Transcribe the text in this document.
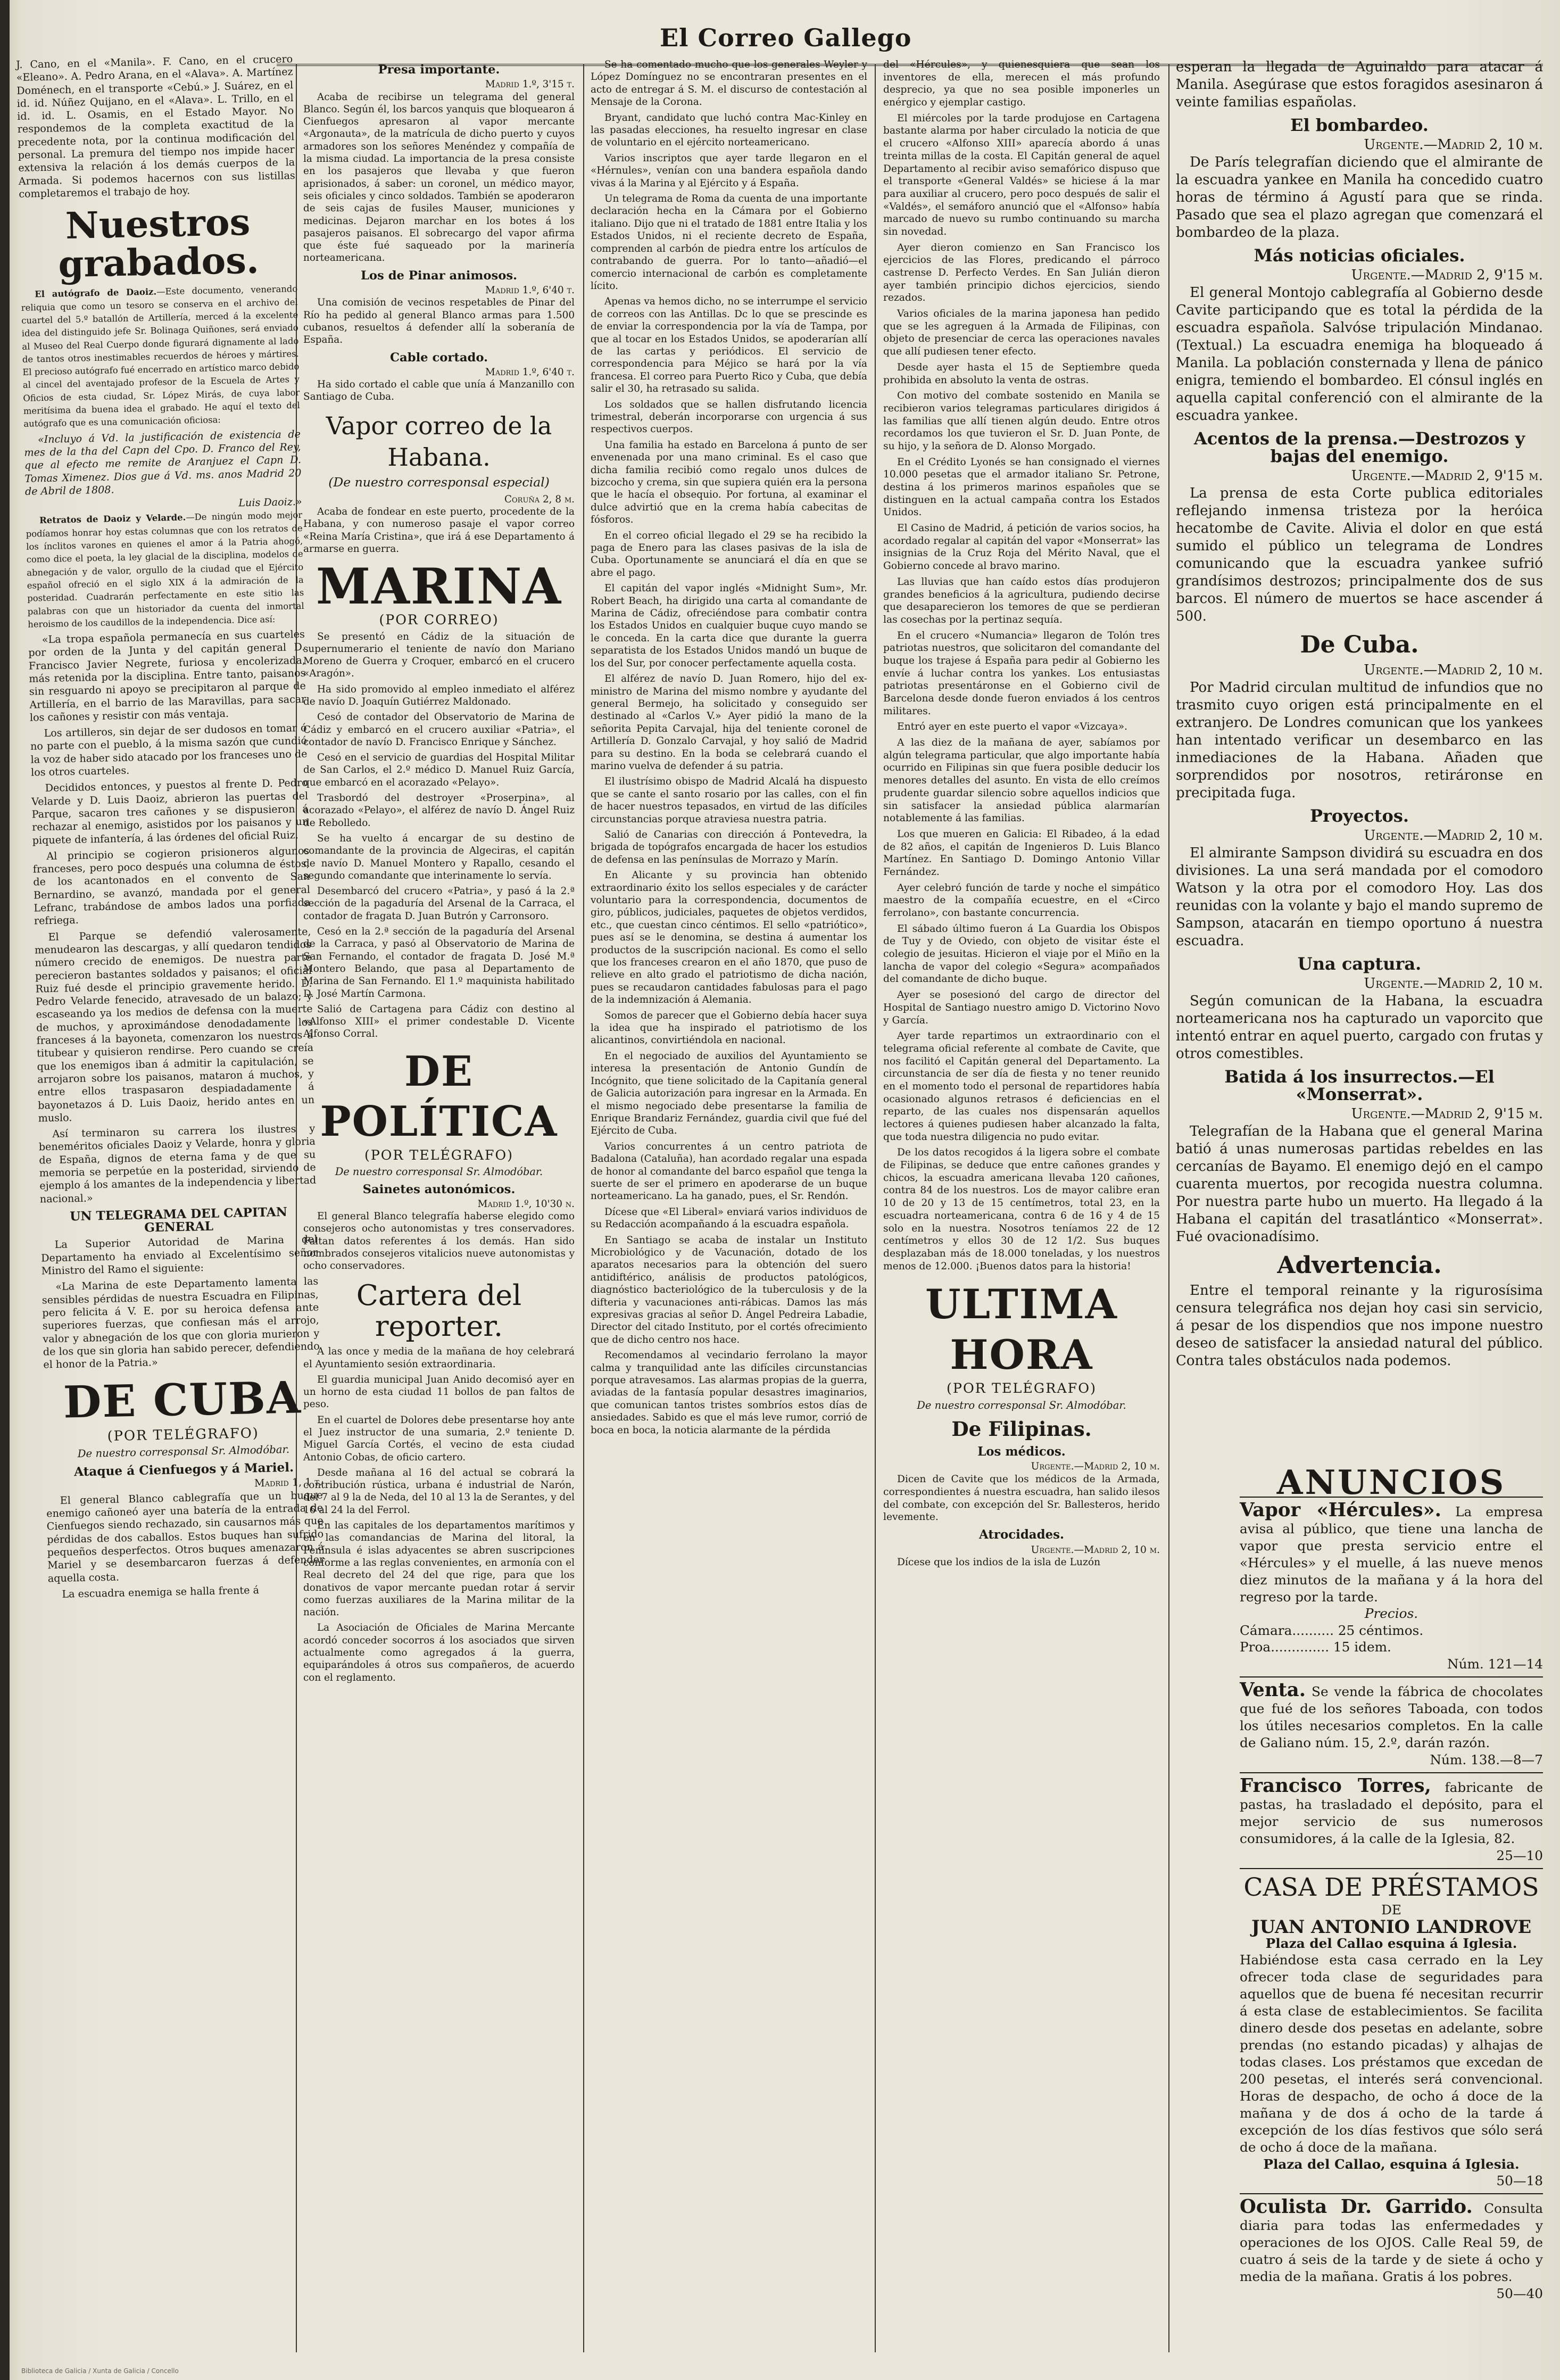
El Correo Gallego

J. Cano, en el «Manila». F. Cano, en el crucero «Eleano». A. Pedro Arana, en el «Alava». A. Martínez Doménech, en el transporte «Cebú.» J. Suárez, en el id. id. Núñez Quijano, en el «Alava». L. Trillo, en el id. id. L. Osamis, en el Estado Mayor. No respondemos de la completa exactitud de la precedente nota, por la continua modificación del personal. La premura del tiempo nos impide hacer extensiva la relación á los demás cuerpos de la Armada. Si podemos hacernos con sus listillas completaremos el trabajo de hoy.

Nuestros grabados.

El autógrafo de Daoiz.—Este documento, venerando reliquia que como un tesoro se conserva en el archivo del cuartel del 5.º batallón de Artillería, merced á la excelente idea del distinguido jefe Sr. Bolinaga Quiñones, será enviado al Museo del Real Cuerpo donde figurará dignamente al lado de tantos otros inestimables recuerdos de héroes y mártires. El precioso autógrafo fué encerrado en artístico marco debido al cincel del aventajado profesor de la Escuela de Artes y Oficios de esta ciudad, Sr. López Mirás, de cuya labor meritísima da buena idea el grabado. He aquí el texto del autógrafo que es una comunicación oficiosa:

«Incluyo á Vd. la justificación de existencia de mes de la tha del Capn del Cpo. D. Franco del Rey, que al efecto me remite de Aranjuez el Capn D. Tomas Ximenez. Dios gue á Vd. ms. anos Madrid 20 de Abril de 1808.

Luis Daoiz.»

Retratos de Daoiz y Velarde.—De ningún modo mejor podíamos honrar hoy estas columnas que con los retratos de los ínclitos varones en quienes el amor á la Patria ahogó, como dice el poeta, la ley glacial de la disciplina, modelos de abnegación y de valor, orgullo de la ciudad que el Ejército español ofreció en el siglo XIX á la admiración de la posteridad. Cuadrarán perfectamente en este sitio las palabras con que un historiador da cuenta del inmortal heroismo de los caudillos de la independencia. Dice así:

«La tropa española permanecía en sus cuarteles por orden de la Junta y del capitán general D. Francisco Javier Negrete, furiosa y encolerizada, más retenida por la disciplina. Entre tanto, paisanos sin resguardo ni apoyo se precipitaron al parque de Artillería, en el barrio de las Maravillas, para sacar los cañones y resistir con más ventaja.

Los artilleros, sin dejar de ser dudosos en tomar ó no parte con el pueblo, á la misma sazón que cundió la voz de haber sido atacado por los franceses uno de los otros cuarteles.

Decididos entonces, y puestos al frente D. Pedro Velarde y D. Luis Daoiz, abrieron las puertas del Parque, sacaron tres cañones y se dispusieron á rechazar al enemigo, asistidos por los paisanos y un piquete de infantería, á las órdenes del oficial Ruiz.

Al principio se cogieron prisioneros algunos franceses, pero poco después una columna de éstos, de los acantonados en el convento de San Bernardino, se avanzó, mandada por el general Lefranc, trabándose de ambos lados una porfiada refriega.

El Parque se defendió valerosamente, menudearon las descargas, y allí quedaron tendidos número crecido de enemigos. De nuestra parte perecieron bastantes soldados y paisanos; el oficial Ruiz fué desde el principio gravemente herido. D. Pedro Velarde fenecido, atravesado de un balazo; y escaseando ya los medios de defensa con la muerte de muchos, y aproximándose denodadamente los franceses á la bayoneta, comenzaron los nuestros á titubear y quisieron rendirse. Pero cuando se creía que los enemigos iban á admitir la capitulación, se arrojaron sobre los paisanos, mataron á muchos, y entre ellos traspasaron despiadadamente á bayonetazos á D. Luis Daoiz, herido antes en un muslo.

Así terminaron su carrera los ilustres y beneméritos oficiales Daoiz y Velarde, honra y gloria de España, dignos de eterna fama y de que su memoria se perpetúe en la posteridad, sirviendo de ejemplo á los amantes de la independencia y libertad nacional.»

UN TELEGRAMA DEL CAPITAN GENERAL

La Superior Autoridad de Marina del Departamento ha enviado al Excelentísimo señor Ministro del Ramo el siguiente:

«La Marina de este Departamento lamenta las sensibles pérdidas de nuestra Escuadra en Filipinas, pero felicita á V. E. por su heroica defensa ante superiores fuerzas, que confiesan más el arrojo, valor y abnegación de los que con gloria murieron y de los que sin gloria han sabido perecer, defendiendo el honor de la Patria.»

DE CUBA
(POR TELÉGRAFO)
De nuestro corresponsal Sr. Almodóbar.
Ataque á Cienfuegos y á Mariel.
Madrid 1, 1 t.

El general Blanco cablegrafía que un buque enemigo cañoneó ayer una batería de la entrada de Cienfuegos siendo rechazado, sin causarnos más que pérdidas de dos caballos. Estos buques han sufrido pequeños desperfectos. Otros buques amenazaron á Mariel y se desembarcaron fuerzas á defender aquella costa.

La escuadra enemiga se halla frente á

Presa importante.
Madrid 1.º, 3'15 t.

Acaba de recibirse un telegrama del general Blanco. Según él, los barcos yanquis que bloquearon á Cienfuegos apresaron al vapor mercante «Argonauta», de la matrícula de dicho puerto y cuyos armadores son los señores Menéndez y compañía de la misma ciudad. La importancia de la presa consiste en los pasajeros que llevaba y que fueron aprisionados, á saber: un coronel, un médico mayor, seis oficiales y cinco soldados. También se apoderaron de seis cajas de fusiles Mauser, municiones y medicinas. Dejaron marchar en los botes á los pasajeros paisanos. El sobrecargo del vapor afirma que éste fué saqueado por la marinería norteamericana.

Los de Pinar animosos.
Madrid 1.º, 6'40 t.

Una comisión de vecinos respetables de Pinar del Río ha pedido al general Blanco armas para 1.500 cubanos, resueltos á defender allí la soberanía de España.

Cable cortado.
Madrid 1.º, 6'40 t.

Ha sido cortado el cable que unía á Manzanillo con Santiago de Cuba.

Vapor correo de la Habana.
(De nuestro corresponsal especial)
Coruña 2, 8 m.

Acaba de fondear en este puerto, procedente de la Habana, y con numeroso pasaje el vapor correo «Reina María Cristina», que irá á ese Departamento á armarse en guerra.

MARINA
(POR CORREO)

Se presentó en Cádiz de la situación de supernumerario el teniente de navío don Mariano Moreno de Guerra y Croquer, embarcó en el crucero «Aragón».

Ha sido promovido al empleo inmediato el alférez de navío D. Joaquín Gutiérrez Maldonado.

Cesó de contador del Observatorio de Marina de Cádiz y embarcó en el crucero auxiliar «Patria», el contador de navío D. Francisco Enrique y Sánchez.

Cesó en el servicio de guardias del Hospital Militar de San Carlos, el 2.º médico D. Manuel Ruiz García, que embarcó en el acorazado «Pelayo».

Trasbordó del destroyer «Proserpina», al acorazado «Pelayo», el alférez de navío D. Ángel Ruiz de Rebolledo.

Se ha vuelto á encargar de su destino de comandante de la provincia de Algeciras, el capitán de navío D. Manuel Montero y Rapallo, cesando el segundo comandante que interinamente lo servía.

Desembarcó del crucero «Patria», y pasó á la 2.ª sección de la pagaduría del Arsenal de la Carraca, el contador de fragata D. Juan Butrón y Carronsoro.

Cesó en la 2.ª sección de la pagaduría del Arsenal de la Carraca, y pasó al Observatorio de Marina de San Fernando, el contador de fragata D. José M.ª Montero Belando, que pasa al Departamento de Marina de San Fernando. El 1.º maquinista habilitado D. José Martín Carmona.

Salió de Cartagena para Cádiz con destino al «Alfonso XIII» el primer condestable D. Vicente Alfonso Corral.

DE POLÍTICA
(POR TELÉGRAFO)
De nuestro corresponsal Sr. Almodóbar.
Sainetes autonómicos.
Madrid 1.º, 10'30 n.

El general Blanco telegrafía haberse elegido como consejeros ocho autonomistas y tres conservadores. Faltan datos referentes á los demás. Han sido nombrados consejeros vitalicios nueve autonomistas y ocho conservadores.

Cartera del reporter.

A las once y media de la mañana de hoy celebrará el Ayuntamiento sesión extraordinaria.

El guardia municipal Juan Anido decomisó ayer en un horno de esta ciudad 11 bollos de pan faltos de peso.

En el cuartel de Dolores debe presentarse hoy ante el Juez instructor de una sumaria, 2.º teniente D. Miguel García Cortés, el vecino de esta ciudad Antonio Cobas, de oficio cartero.

Desde mañana al 16 del actual se cobrará la contribución rústica, urbana é industrial de Narón, del 7 al 9 la de Neda, del 10 al 13 la de Serantes, y del 16 al 24 la del Ferrol.

En las capitales de los departamentos marítimos y en las comandancias de Marina del litoral, la Península é islas adyacentes se abren suscripciones conforme a las reglas convenientes, en armonía con el Real decreto del 24 del que rige, para que los donativos de vapor mercante puedan rotar á servir como fuerzas auxiliares de la Marina militar de la nación.

La Asociación de Oficiales de Marina Mercante acordó conceder socorros á los asociados que sirven actualmente como agregados á la guerra, equiparándoles á otros sus compañeros, de acuerdo con el reglamento.

Se ha comentado mucho que los generales Weyler y López Domínguez no se encontraran presentes en el acto de entregar á S. M. el discurso de contestación al Mensaje de la Corona.

Bryant, candidato que luchó contra Mac-Kinley en las pasadas elecciones, ha resuelto ingresar en clase de voluntario en el ejército norteamericano.

Varios inscriptos que ayer tarde llegaron en el «Hérnules», venían con una bandera española dando vivas á la Marina y al Ejército y á España.

Un telegrama de Roma da cuenta de una importante declaración hecha en la Cámara por el Gobierno italiano. Dijo que ni el tratado de 1881 entre Italia y los Estados Unidos, ni el reciente decreto de España, comprenden al carbón de piedra entre los artículos de contrabando de guerra. Por lo tanto—añadió—el comercio internacional de carbón es completamente lícito.

Apenas va hemos dicho, no se interrumpe el servicio de correos con las Antillas. Dc lo que se prescinde es de enviar la correspondencia por la vía de Tampa, por que al tocar en los Estados Unidos, se apoderarían allí de las cartas y periódicos. El servicio de correspondencia para Méjico se hará por la vía francesa. El correo para Puerto Rico y Cuba, que debía salir el 30, ha retrasado su salida.

Los soldados que se hallen disfrutando licencia trimestral, deberán incorporarse con urgencia á sus respectivos cuerpos.

Una familia ha estado en Barcelona á punto de ser envenenada por una mano criminal. Es el caso que dicha familia recibió como regalo unos dulces de bizcocho y crema, sin que supiera quién era la persona que le hacía el obsequio. Por fortuna, al examinar el dulce advirtió que en la crema había cabecitas de fósforos.

En el correo oficial llegado el 29 se ha recibido la paga de Enero para las clases pasivas de la isla de Cuba. Oportunamente se anunciará el día en que se abre el pago.

El capitán del vapor inglés «Midnight Sum», Mr. Robert Beach, ha dirigido una carta al comandante de Marina de Cádiz, ofreciéndose para combatir contra los Estados Unidos en cualquier buque cuyo mando se le conceda. En la carta dice que durante la guerra separatista de los Estados Unidos mandó un buque de los del Sur, por conocer perfectamente aquella costa.

El alférez de navío D. Juan Romero, hijo del ex-ministro de Marina del mismo nombre y ayudante del general Bermejo, ha solicitado y conseguido ser destinado al «Carlos V.» Ayer pidió la mano de la señorita Pepita Carvajal, hija del teniente coronel de Artillería D. Gonzalo Carvajal, y hoy salió de Madrid para su destino. En la boda se celebrará cuando el marino vuelva de defender á su patria.

El ilustrísimo obispo de Madrid Alcalá ha dispuesto que se cante el santo rosario por las calles, con el fin de hacer nuestros tepasados, en virtud de las difíciles circunstancias porque atraviesa nuestra patria.

Salió de Canarias con dirección á Pontevedra, la brigada de topógrafos encargada de hacer los estudios de defensa en las penínsulas de Morrazo y Marín.

En Alicante y su provincia han obtenido extraordinario éxito los sellos especiales y de carácter voluntario para la correspondencia, documentos de giro, públicos, judiciales, paquetes de objetos verdidos, etc., que cuestan cinco céntimos. El sello «patriótico», pues así se le denomina, se destina á aumentar los productos de la suscripción nacional. Es como el sello que los franceses crearon en el año 1870, que puso de relieve en alto grado el patriotismo de dicha nación, pues se recaudaron cantidades fabulosas para el pago de la indemnización á Alemania.

Somos de parecer que el Gobierno debía hacer suya la idea que ha inspirado el patriotismo de los alicantinos, convirtiéndola en nacional.

En el negociado de auxilios del Ayuntamiento se interesa la presentación de Antonio Gundín de Incógnito, que tiene solicitado de la Capitanía general de Galicia autorización para ingresar en la Armada. En el mismo negociado debe presentarse la familia de Enrique Brandariz Fernández, guardia civil que fué del Ejército de Cuba.

Varios concurrentes á un centro patriota de Badalona (Cataluña), han acordado regalar una espada de honor al comandante del barco español que tenga la suerte de ser el primero en apoderarse de un buque norteamericano. La ha ganado, pues, el Sr. Rendón.

Dícese que «El Liberal» enviará varios individuos de su Redacción acompañando á la escuadra española.

En Santiago se acaba de instalar un Instituto Microbiológico y de Vacunación, dotado de los aparatos necesarios para la obtención del suero antidiftérico, análisis de productos patológicos, diagnóstico bacteriológico de la tuberculosis y de la difteria y vacunaciones anti-rábicas. Damos las más expresivas gracias al señor D. Ángel Pedreira Labadie, Director del citado Instituto, por el cortés ofrecimiento que de dicho centro nos hace.

Recomendamos al vecindario ferrolano la mayor calma y tranquilidad ante las difíciles circunstancias porque atravesamos. Las alarmas propias de la guerra, aviadas de la fantasía popular desastres imaginarios, que comunican tantos tristes sombríos estos días de ansiedades. Sabido es que el más leve rumor, corrió de boca en boca, la noticia alarmante de la pérdida

del «Hércules», y quienesquiera que sean los inventores de ella, merecen el más profundo desprecio, ya que no sea posible imponerles un enérgico y ejemplar castigo.

El miércoles por la tarde produjose en Cartagena bastante alarma por haber circulado la noticia de que el crucero «Alfonso XIII» aparecía abordo á unas treinta millas de la costa. El Capitán general de aquel Departamento al recibir aviso semafórico dispuso que el transporte «General Valdés» se hiciese á la mar para auxiliar al crucero, pero poco después de salir el «Valdés», el semáforo anunció que el «Alfonso» había marcado de nuevo su rumbo continuando su marcha sin novedad.

Ayer dieron comienzo en San Francisco los ejercicios de las Flores, predicando el párroco castrense D. Perfecto Verdes. En San Julián dieron ayer también principio dichos ejercicios, siendo rezados.

Varios oficiales de la marina japonesa han pedido que se les agreguen á la Armada de Filipinas, con objeto de presenciar de cerca las operaciones navales que allí pudiesen tener efecto.

Desde ayer hasta el 15 de Septiembre queda prohibida en absoluto la venta de ostras.

Con motivo del combate sostenido en Manila se recibieron varios telegramas particulares dirigidos á las familias que allí tienen algún deudo. Entre otros recordamos los que tuvieron el Sr. D. Juan Ponte, de su hijo, y la señora de D. Alonso Morgado.

En el Crédito Lyonés se han consignado el viernes 10.000 pesetas que el armador italiano Sr. Petrone, destina á los primeros marinos españoles que se distinguen en la actual campaña contra los Estados Unidos.

El Casino de Madrid, á petición de varios socios, ha acordado regalar al capitán del vapor «Monserrat» las insignias de la Cruz Roja del Mérito Naval, que el Gobierno concede al bravo marino.

Las lluvias que han caído estos días produjeron grandes beneficios á la agricultura, pudiendo decirse que desaparecieron los temores de que se perdieran las cosechas por la pertinaz sequía.

En el crucero «Numancia» llegaron de Tolón tres patriotas nuestros, que solicitaron del comandante del buque los trajese á España para pedir al Gobierno les envíe á luchar contra los yankes. Los entusiastas patriotas presentáronse en el Gobierno civil de Barcelona desde donde fueron enviados á los centros militares.

Entró ayer en este puerto el vapor «Vizcaya».

A las diez de la mañana de ayer, sabíamos por algún telegrama particular, que algo importante había ocurrido en Filipinas sin que fuera posible deducir los menores detalles del asunto. En vista de ello creímos prudente guardar silencio sobre aquellos indicios que sin satisfacer la ansiedad pública alarmarían notablemente á las familias.

Los que mueren en Galicia: El Ribadeo, á la edad de 82 años, el capitán de Ingenieros D. Luis Blanco Martínez. En Santiago D. Domingo Antonio Villar Fernández.

Ayer celebró función de tarde y noche el simpático maestro de la compañía ecuestre, en el «Circo ferrolano», con bastante concurrencia.

El sábado último fueron á La Guardia los Obispos de Tuy y de Oviedo, con objeto de visitar éste el colegio de jesuitas. Hicieron el viaje por el Miño en la lancha de vapor del colegio «Segura» acompañados del comandante de dicho buque.

Ayer se posesionó del cargo de director del Hospital de Santiago nuestro amigo D. Victorino Novo y García.

Ayer tarde repartimos un extraordinario con el telegrama oficial referente al combate de Cavite, que nos facilitó el Capitán general del Departamento. La circunstancia de ser día de fiesta y no tener reunido en el momento todo el personal de repartidores había ocasionado algunos retrasos é deficiencias en el reparto, de las cuales nos dispensarán aquellos lectores á quienes pudiesen haber alcanzado la falta, que toda nuestra diligencia no pudo evitar.

De los datos recogidos á la ligera sobre el combate de Filipinas, se deduce que entre cañones grandes y chicos, la escuadra americana llevaba 120 cañones, contra 84 de los nuestros. Los de mayor calibre eran 10 de 20 y 13 de 15 centímetros, total 23, en la escuadra norteamericana, contra 6 de 16 y 4 de 15 solo en la nuestra. Nosotros teníamos 22 de 12 centímetros y ellos 30 de 12 1/2. Sus buques desplazaban más de 18.000 toneladas, y los nuestros menos de 12.000. ¡Buenos datos para la historia!

ULTIMA HORA
(POR TELÉGRAFO)
De nuestro corresponsal Sr. Almodóbar.
De Filipinas.
Los médicos.
Urgente.—Madrid 2, 10 m.

Dicen de Cavite que los médicos de la Armada, correspondientes á nuestra escuadra, han salido ilesos del combate, con excepción del Sr. Ballesteros, herido levemente.

Atrocidades.
Urgente.—Madrid 2, 10 m.

Dícese que los indios de la isla de Luzón

esperan la llegada de Aguinaldo para atacar á Manila. Asegúrase que estos foragidos asesinaron á veinte familias españolas.

El bombardeo.
Urgente.—Madrid 2, 10 m.

De París telegrafían diciendo que el almirante de la escuadra yankee en Manila ha concedido cuatro horas de término á Agustí para que se rinda. Pasado que sea el plazo agregan que comenzará el bombardeo de la plaza.

Más noticias oficiales.
Urgente.—Madrid 2, 9'15 m.

El general Montojo cablegrafía al Gobierno desde Cavite participando que es total la pérdida de la escuadra española. Salvóse tripulación Mindanao. (Textual.) La escuadra enemiga ha bloqueado á Manila. La población consternada y llena de pánico enigra, temiendo el bombardeo. El cónsul inglés en aquella capital conferenció con el almirante de la escuadra yankee.

Acentos de la prensa.—Destrozos y bajas del enemigo.
Urgente.—Madrid 2, 9'15 m.

La prensa de esta Corte publica editoriales reflejando inmensa tristeza por la heróica hecatombe de Cavite. Alivia el dolor en que está sumido el público un telegrama de Londres comunicando que la escuadra yankee sufrió grandísimos destrozos; principalmente dos de sus barcos. El número de muertos se hace ascender á 500.

De Cuba.
Urgente.—Madrid 2, 10 m.

Por Madrid circulan multitud de infundios que no trasmito cuyo origen está principalmente en el extranjero. De Londres comunican que los yankees han intentado verificar un desembarco en las inmediaciones de la Habana. Añaden que sorprendidos por nosotros, retiráronse en precipitada fuga.

Proyectos.
Urgente.—Madrid 2, 10 m.

El almirante Sampson dividirá su escuadra en dos divisiones. La una será mandada por el comodoro Watson y la otra por el comodoro Hoy. Las dos reunidas con la volante y bajo el mando supremo de Sampson, atacarán en tiempo oportuno á nuestra escuadra.

Una captura.
Urgente.—Madrid 2, 10 m.

Según comunican de la Habana, la escuadra norteamericana nos ha capturado un vaporcito que intentó entrar en aquel puerto, cargado con frutas y otros comestibles.

Batida á los insurrectos.—El «Monserrat».
Urgente.—Madrid 2, 9'15 m.

Telegrafían de la Habana que el general Marina batió á unas numerosas partidas rebeldes en las cercanías de Bayamo. El enemigo dejó en el campo cuarenta muertos, por recogida nuestra columna. Por nuestra parte hubo un muerto. Ha llegado á la Habana el capitán del trasatlántico «Monserrat». Fué ovacionadísimo.

Advertencia.

Entre el temporal reinante y la rigurosísima censura telegráfica nos dejan hoy casi sin servicio, á pesar de los dispendios que nos impone nuestro deseo de satisfacer la ansiedad natural del público. Contra tales obstáculos nada podemos.

ANUNCIOS
Vapor «Hércules». La empresa avisa al público, que tiene una lancha de vapor que presta servicio entre el «Hércules» y el muelle, á las nueve menos diez minutos de la mañana y á la hora del regreso por la tarde.
Precios.
Cámara.......... 25 céntimos.
Proa.............. 15 idem.
Núm. 121—14
Venta. Se vende la fábrica de chocolates que fué de los señores Taboada, con todos los útiles necesarios completos. En la calle de Galiano núm. 15, 2.º, darán razón.
Núm. 138.—8—7
Francisco Torres, fabricante de pastas, ha trasladado el depósito, para el mejor servicio de sus numerosos consumidores, á la calle de la Iglesia, 82.
25—10
CASA DE PRÉSTAMOS
DE
JUAN ANTONIO LANDROVE
Plaza del Callao esquina á Iglesia.
Habiéndose esta casa cerrado en la Ley ofrecer toda clase de seguridades para aquellos que de buena fé necesitan recurrir á esta clase de establecimientos. Se facilita dinero desde dos pesetas en adelante, sobre prendas (no estando picadas) y alhajas de todas clases. Los préstamos que excedan de 200 pesetas, el interés será convencional. Horas de despacho, de ocho á doce de la mañana y de dos á ocho de la tarde á excepción de los días festivos que sólo será de ocho á doce de la mañana.
Plaza del Callao, esquina á Iglesia.
50—18
Oculista Dr. Garrido. Consulta diaria para todas las enfermedades y operaciones de los OJOS. Calle Real 59, de cuatro á seis de la tarde y de siete á ocho y media de la mañana. Gratis á los pobres.
50—40
Biblioteca de Galicia / Xunta de Galicia / Concello
